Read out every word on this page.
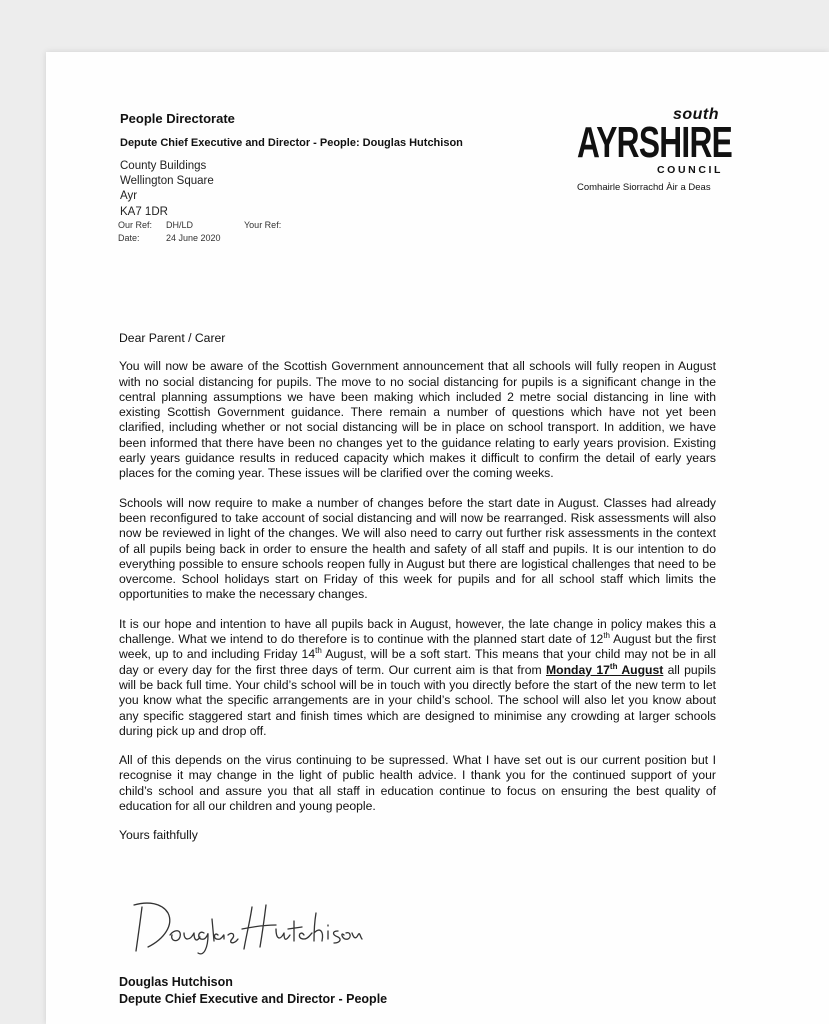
People Directorate
Depute Chief Executive and Director - People: Douglas Hutchison
County Buildings
Wellington Square
Ayr
KA7 1DR
Our Ref: DH/LD	Your Ref:
Date:	24 June 2020
south
AYRSHIRE
COUNCIL
Comhairle Siorrachd Àir a Deas

Dear Parent / Carer

You will now be aware of the Scottish Government announcement that all schools will fully reopen in August with no social distancing for pupils. The move to no social distancing for pupils is a significant change in the central planning assumptions we have been making which included 2 metre social distancing in line with existing Scottish Government guidance. There remain a number of questions which have not yet been clarified, including whether or not social distancing will be in place on school transport. In addition, we have been informed that there have been no changes yet to the guidance relating to early years provision. Existing early years guidance results in reduced capacity which makes it difficult to confirm the detail of early years places for the coming year. These issues will be clarified over the coming weeks.

Schools will now require to make a number of changes before the start date in August. Classes had already been reconfigured to take account of social distancing and will now be rearranged. Risk assessments will also now be reviewed in light of the changes. We will also need to carry out further risk assessments in the context of all pupils being back in order to ensure the health and safety of all staff and pupils. It is our intention to do everything possible to ensure schools reopen fully in August but there are logistical challenges that need to be overcome. School holidays start on Friday of this week for pupils and for all school staff which limits the opportunities to make the necessary changes.

It is our hope and intention to have all pupils back in August, however, the late change in policy makes this a challenge. What we intend to do therefore is to continue with the planned start date of 12th August but the first week, up to and including Friday 14th August, will be a soft start. This means that your child may not be in all day or every day for the first three days of term. Our current aim is that from Monday 17th August all pupils will be back full time. Your child’s school will be in touch with you directly before the start of the new term to let you know what the specific arrangements are in your child’s school. The school will also let you know about any specific staggered start and finish times which are designed to minimise any crowding at larger schools during pick up and drop off.

All of this depends on the virus continuing to be supressed. What I have set out is our current position but I recognise it may change in the light of public health advice. I thank you for the continued support of your child’s school and assure you that all staff in education continue to focus on ensuring the best quality of education for all our children and young people.

Yours faithfully

Douglas Hutchison
Douglas Hutchison
Depute Chief Executive and Director - People
